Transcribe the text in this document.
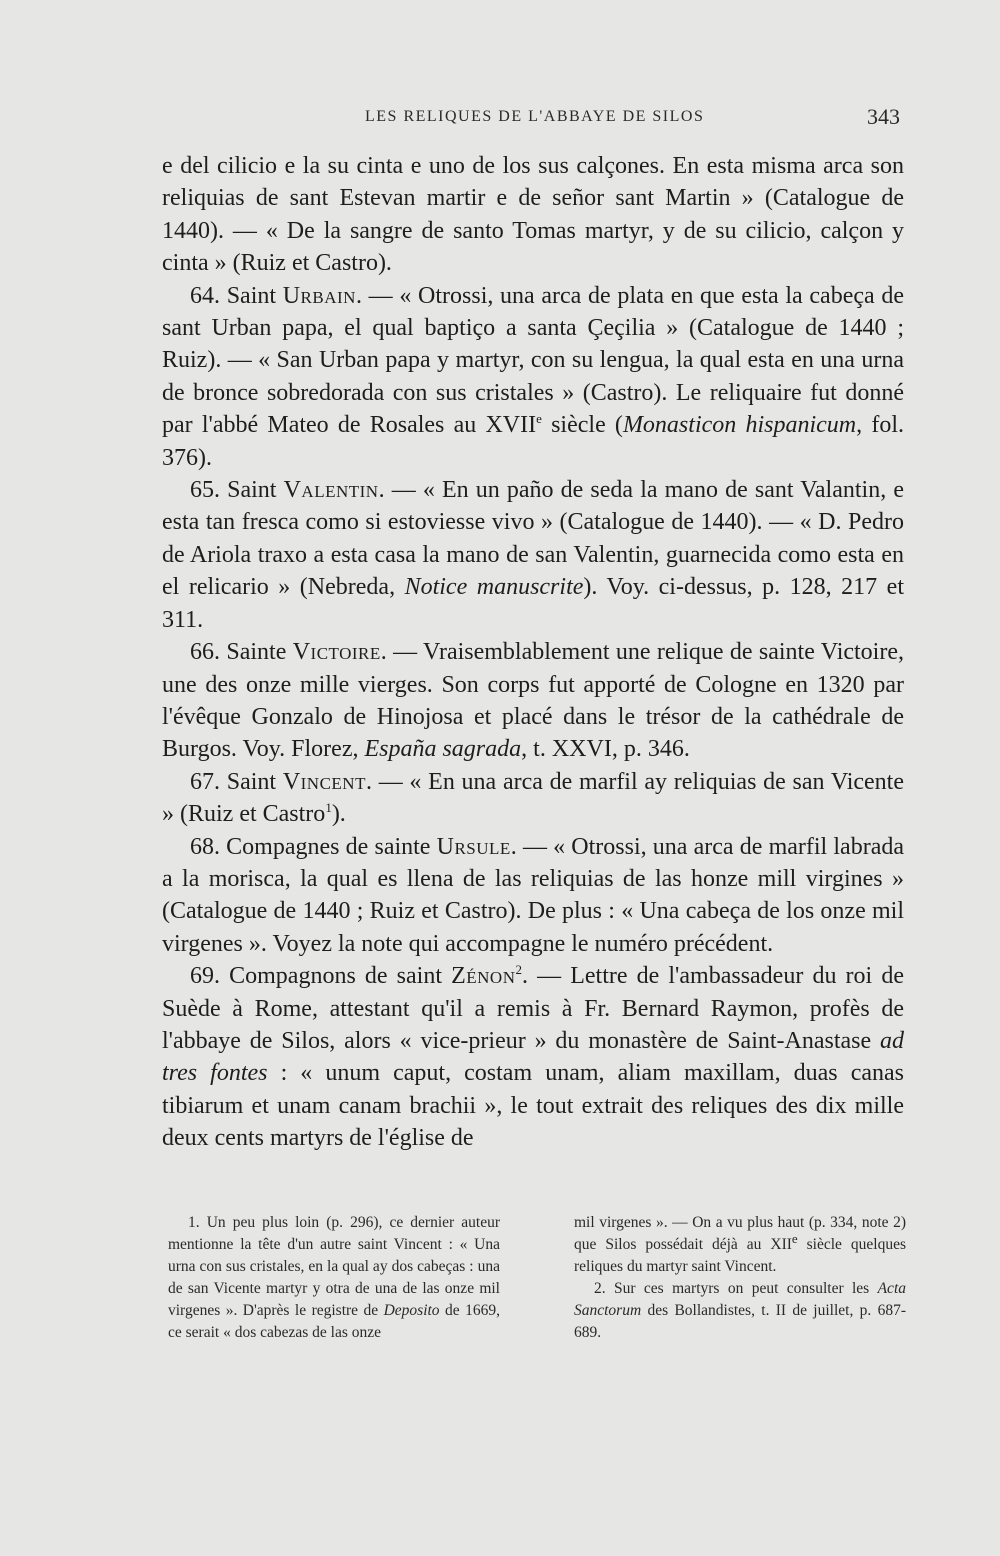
LES RELIQUES DE L'ABBAYE DE SILOS	343

e del cilicio e la su cinta e uno de los sus calçones. En esta misma arca son reliquias de sant Estevan martir e de señor sant Martin » (Catalogue de 1440). — « De la sangre de santo Tomas martyr, y de su cilicio, calçon y cinta » (Ruiz et Castro).

64. Saint Urbain. — « Otrossi, una arca de plata en que esta la cabeça de sant Urban papa, el qual baptiço a santa Çeçilia » (Catalogue de 1440 ; Ruiz). — « San Urban papa y martyr, con su lengua, la qual esta en una urna de bronce sobredorada con sus cristales » (Castro). Le reliquaire fut donné par l'abbé Mateo de Rosales au XVIIe siècle (Monasticon hispanicum, fol. 376).

65. Saint Valentin. — « En un paño de seda la mano de sant Valantin, e esta tan fresca como si estoviesse vivo » (Catalogue de 1440). — « D. Pedro de Ariola traxo a esta casa la mano de san Valentin, guarnecida como esta en el relicario » (Nebreda, Notice manuscrite). Voy. ci-dessus, p. 128, 217 et 311.

66. Sainte Victoire. — Vraisemblablement une relique de sainte Victoire, une des onze mille vierges. Son corps fut apporté de Cologne en 1320 par l'évêque Gonzalo de Hinojosa et placé dans le trésor de la cathédrale de Burgos. Voy. Florez, España sagrada, t. XXVI, p. 346.

67. Saint Vincent. — « En una arca de marfil ay reliquias de san Vicente » (Ruiz et Castro$^1$).

68. Compagnes de sainte Ursule. — « Otrossi, una arca de marfil labrada a la morisca, la qual es llena de las reliquias de las honze mill virgines » (Catalogue de 1440 ; Ruiz et Castro). De plus : « Una cabeça de los onze mil virgenes ». Voyez la note qui accompagne le numéro précédent.

69. Compagnons de saint Zénon$^2$. — Lettre de l'ambassadeur du roi de Suède à Rome, attestant qu'il a remis à Fr. Bernard Raymon, profès de l'abbaye de Silos, alors « vice-prieur » du monastère de Saint-Anastase ad tres fontes : « unum caput, costam unam, aliam maxillam, duas canas tibiarum et unam canam brachii », le tout extrait des reliques des dix mille deux cents martyrs de l'église de

1. Un peu plus loin (p. 296), ce dernier auteur mentionne la tête d'un autre saint Vincent : « Una urna con sus cristales, en la qual ay dos cabeças : una de san Vicente martyr y otra de una de las onze mil virgenes ». D'après le registre de Deposito de 1669, ce serait « dos cabezas de las onze

mil virgenes ». — On a vu plus haut (p. 334, note 2) que Silos possédait déjà au XIIe siècle quelques reliques du martyr saint Vincent.

2. Sur ces martyrs on peut consulter les Acta Sanctorum des Bollandistes, t. II de juillet, p. 687-689.
